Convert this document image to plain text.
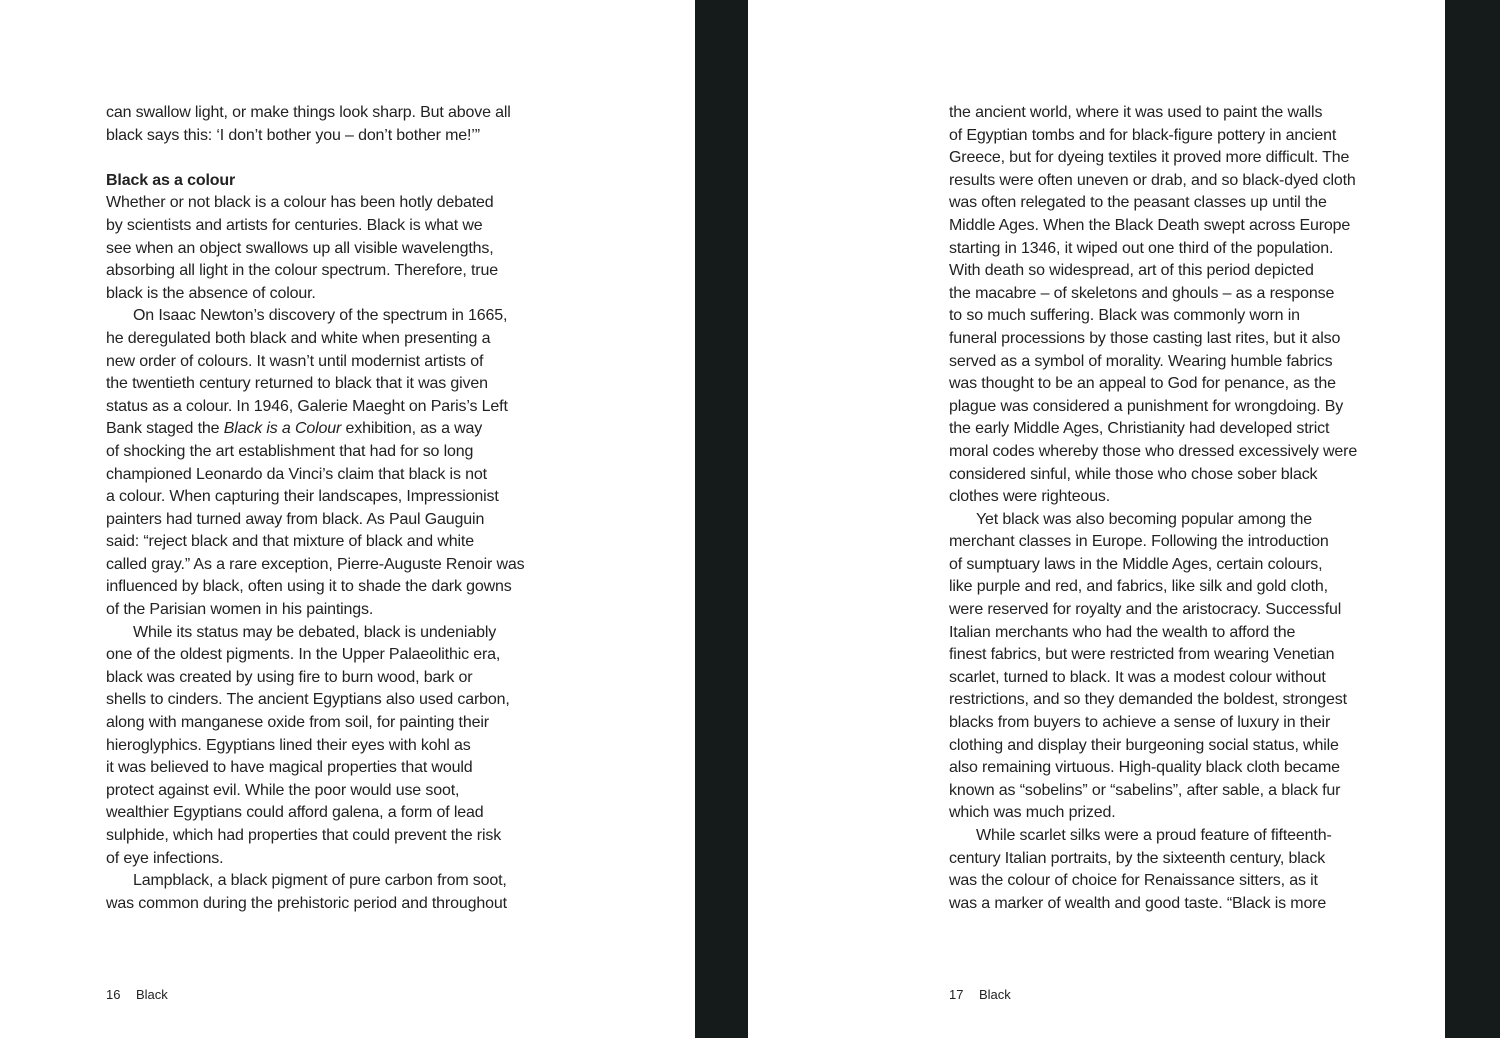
can swallow light, or make things look sharp. But above all
black says this: ‘I don’t bother you – don’t bother me!’”

Black as a colour

Whether or not black is a colour has been hotly debated
by scientists and artists for centuries. Black is what we
see when an object swallows up all visible wavelengths,
absorbing all light in the colour spectrum. Therefore, true
black is the absence of colour.

On Isaac Newton’s discovery of the spectrum in 1665,

he deregulated both black and white when presenting a
new order of colours. It wasn’t until modernist artists of
the twentieth century returned to black that it was given
status as a colour. In 1946, Galerie Maeght on Paris’s Left
Bank staged the Black is a Colour exhibition, as a way
of shocking the art establishment that had for so long
championed Leonardo da Vinci’s claim that black is not
a colour. When capturing their landscapes, Impressionist
painters had turned away from black. As Paul Gauguin
said: “reject black and that mixture of black and white
called gray.” As a rare exception, Pierre-Auguste Renoir was
influenced by black, often using it to shade the dark gowns
of the Parisian women in his paintings.

While its status may be debated, black is undeniably
one of the oldest pigments. In the Upper Palaeolithic era,
black was created by using fire to burn wood, bark or
shells to cinders. The ancient Egyptians also used carbon,
along with manganese oxide from soil, for painting their
hieroglyphics. Egyptians lined their eyes with kohl as
it was believed to have magical properties that would
protect against evil. While the poor would use soot,
wealthier Egyptians could afford galena, a form of lead
sulphide, which had properties that could prevent the risk
of eye infections.

Lampblack, a black pigment of pure carbon from soot,
was common during the prehistoric period and throughout

16 Black

the ancient world, where it was used to paint the walls
of Egyptian tombs and for black-figure pottery in ancient
Greece, but for dyeing textiles it proved more difficult. The
results were often uneven or drab, and so black-dyed cloth
was often relegated to the peasant classes up until the
Middle Ages. When the Black Death swept across Europe
starting in 1346, it wiped out one third of the population.
With death so widespread, art of this period depicted
the macabre – of skeletons and ghouls – as a response
to so much suffering. Black was commonly worn in
funeral processions by those casting last rites, but it also
served as a symbol of morality. Wearing humble fabrics
was thought to be an appeal to God for penance, as the
plague was considered a punishment for wrongdoing. By
the early Middle Ages, Christianity had developed strict
moral codes whereby those who dressed excessively were
considered sinful, while those who chose sober black
clothes were righteous.

Yet black was also becoming popular among the
merchant classes in Europe. Following the introduction
of sumptuary laws in the Middle Ages, certain colours,
like purple and red, and fabrics, like silk and gold cloth,
were reserved for royalty and the aristocracy. Successful
Italian merchants who had the wealth to afford the
finest fabrics, but were restricted from wearing Venetian
scarlet, turned to black. It was a modest colour without
restrictions, and so they demanded the boldest, strongest
blacks from buyers to achieve a sense of luxury in their
clothing and display their burgeoning social status, while
also remaining virtuous. High-quality black cloth became
known as “sobelins” or “sabelins”, after sable, a black fur
which was much prized.

While scarlet silks were a proud feature of fifteenth-
century Italian portraits, by the sixteenth century, black
was the colour of choice for Renaissance sitters, as it
was a marker of wealth and good taste. “Black is more

17 Black
